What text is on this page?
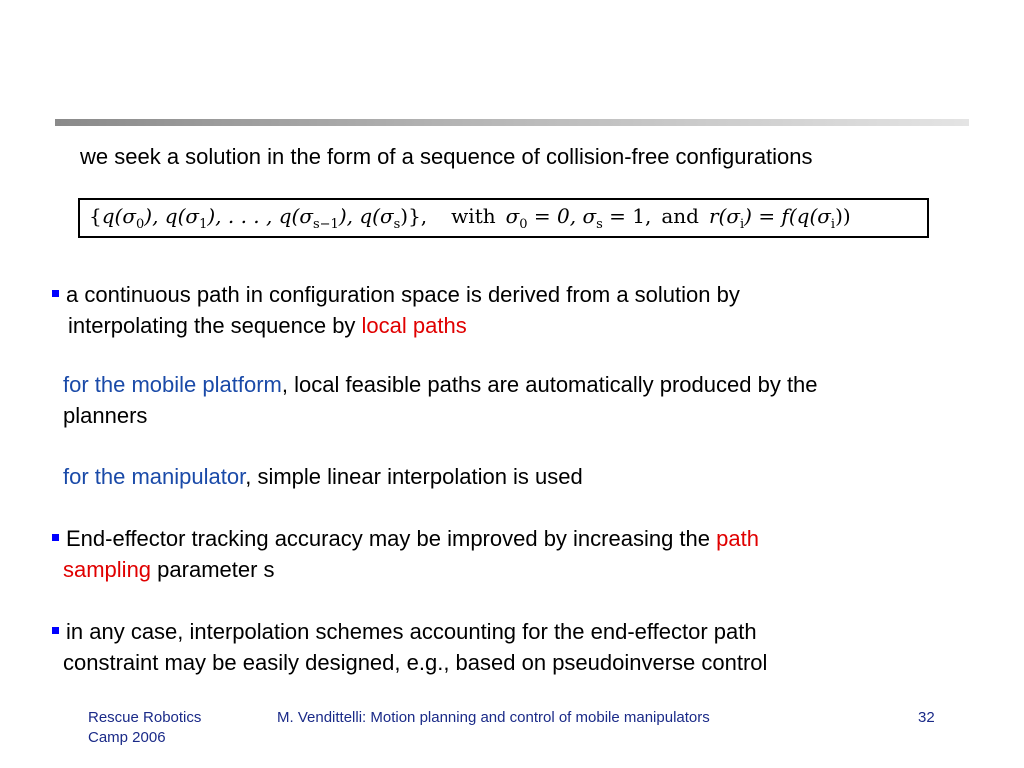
we seek a solution in the form of a sequence of collision-free configurations
{$q(\sigma_0)$, $q(\sigma_1)$, . . . , $q(\sigma_{s-1})$, $q(\sigma_s)$}, with $\sigma_0 = 0$, $\sigma_s = 1$, and $r(\sigma_i) = f(q(\sigma_i))$
a continuous path in configuration space is derived from a solution by
interpolating the sequence by local paths
for the mobile platform, local feasible paths are automatically produced by the
planners
for the manipulator, simple linear interpolation is used
End-effector tracking accuracy may be improved by increasing the path
sampling parameter s
in any case, interpolation schemes accounting for the end-effector path
constraint may be easily designed, e.g., based on pseudoinverse control
Rescue Robotics
Camp 2006
M. Vendittelli: Motion planning and control of mobile manipulators	32
